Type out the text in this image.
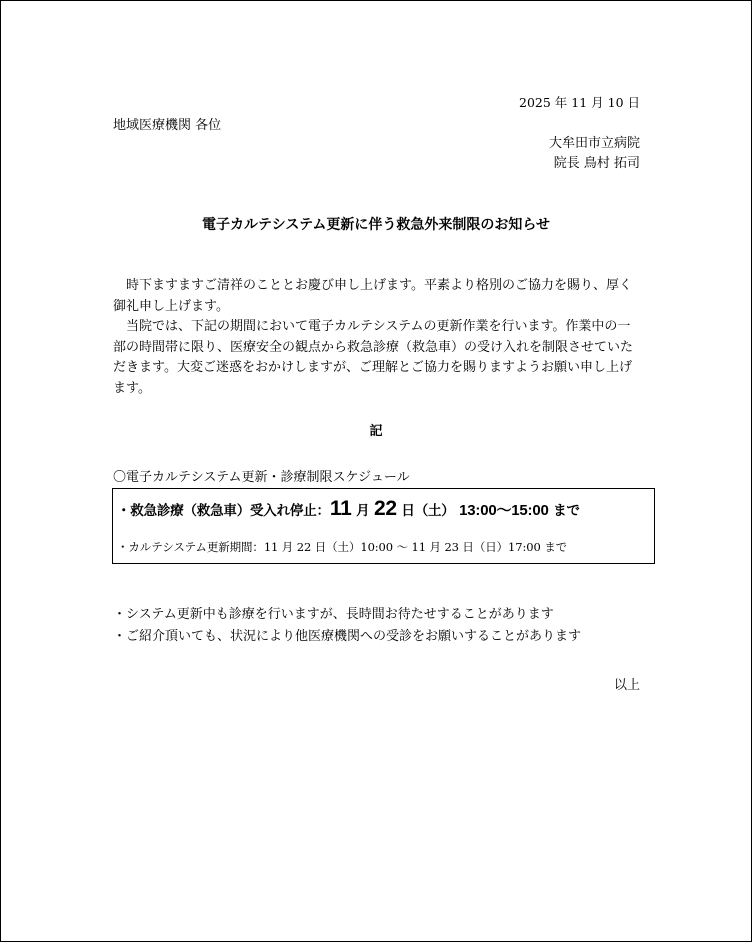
2025 年 11 月 10 日
地域医療機関 各位
大牟田市立病院
院長 鳥村 拓司
電子カルテシステム更新に伴う救急外来制限のお知らせ

時下ますますご清祥のこととお慶び申し上げます。平素より格別のご協力を賜り、厚く御礼申し上げます。

当院では、下記の期間において電子カルテシステムの更新作業を行います。作業中の一部の時間帯に限り、医療安全の観点から救急診療（救急車）の受け入れを制限させていただきます。大変ご迷惑をおかけしますが、ご理解とご協力を賜りますようお願い申し上げます。

記
〇電子カルテシステム更新・診療制限スケジュール
・救急診療（救急車）受入れ停止：11 月 22 日（土） 13:00〜15:00 まで
・カルテシステム更新期間：11 月 22 日（土）10:00 〜 11 月 23 日（日）17:00 まで
・システム更新中も診療を行いますが、長時間お待たせすることがあります
・ご紹介頂いても、状況により他医療機関への受診をお願いすることがあります
以上
